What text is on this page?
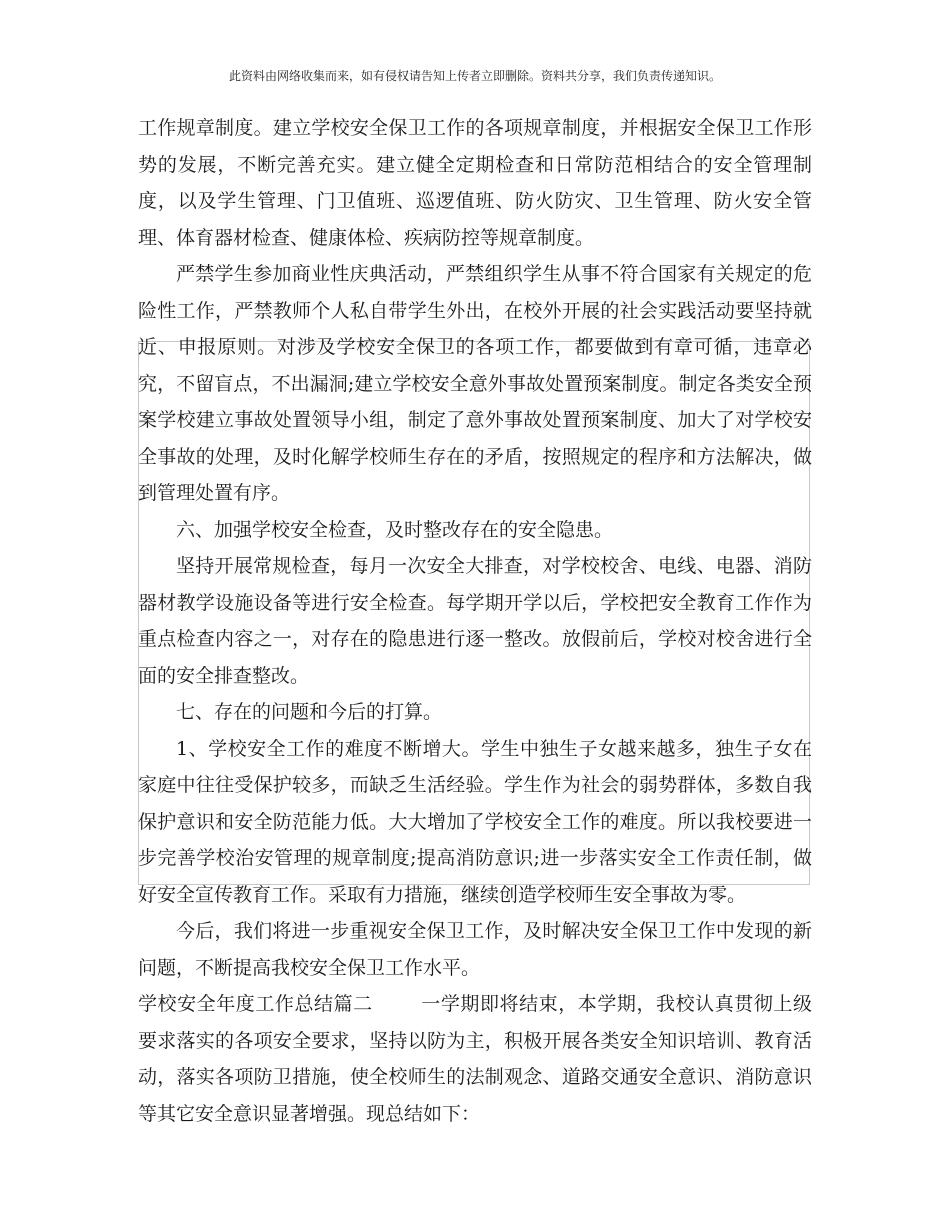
此资料由网络收集而来，如有侵权请告知上传者立即删除。资料共分享，我们负责传递知识。

工作规章制度。建立学校安全保卫工作的各项规章制度，并根据安全保卫工作形势的发展，不断完善充实。建立健全定期检查和日常防范相结合的安全管理制度，以及学生管理、门卫值班、巡逻值班、防火防灾、卫生管理、防火安全管理、体育器材检查、健康体检、疾病防控等规章制度。

严禁学生参加商业性庆典活动，严禁组织学生从事不符合国家有关规定的危险性工作，严禁教师个人私自带学生外出，在校外开展的社会实践活动要坚持就近、申报原则。对涉及学校安全保卫的各项工作，都要做到有章可循，违章必究，不留盲点，不出漏洞;建立学校安全意外事故处置预案制度。制定各类安全预案学校建立事故处置领导小组，制定了意外事故处置预案制度、加大了对学校安全事故的处理，及时化解学校师生存在的矛盾，按照规定的程序和方法解决，做到管理处置有序。

六、加强学校安全检查，及时整改存在的安全隐患。

坚持开展常规检查，每月一次安全大排查，对学校校舍、电线、电器、消防器材教学设施设备等进行安全检查。每学期开学以后，学校把安全教育工作作为重点检查内容之一，对存在的隐患进行逐一整改。放假前后，学校对校舍进行全面的安全排查整改。

七、存在的问题和今后的打算。

1、学校安全工作的难度不断增大。学生中独生子女越来越多，独生子女在家庭中往往受保护较多，而缺乏生活经验。学生作为社会的弱势群体，多数自我保护意识和安全防范能力低。大大增加了学校安全工作的难度。所以我校要进一步完善学校治安管理的规章制度;提高消防意识;进一步落实安全工作责任制，做好安全宣传教育工作。采取有力措施，继续创造学校师生安全事故为零。

今后，我们将进一步重视安全保卫工作，及时解决安全保卫工作中发现的新问题，不断提高我校安全保卫工作水平。

学校安全年度工作总结篇二	一学期即将结束，本学期，我校认真贯彻上级要求落实的各项安全要求，坚持以防为主，积极开展各类安全知识培训、教育活动，落实各项防卫措施，使全校师生的法制观念、道路交通安全意识、消防意识等其它安全意识显著增强。现总结如下：
